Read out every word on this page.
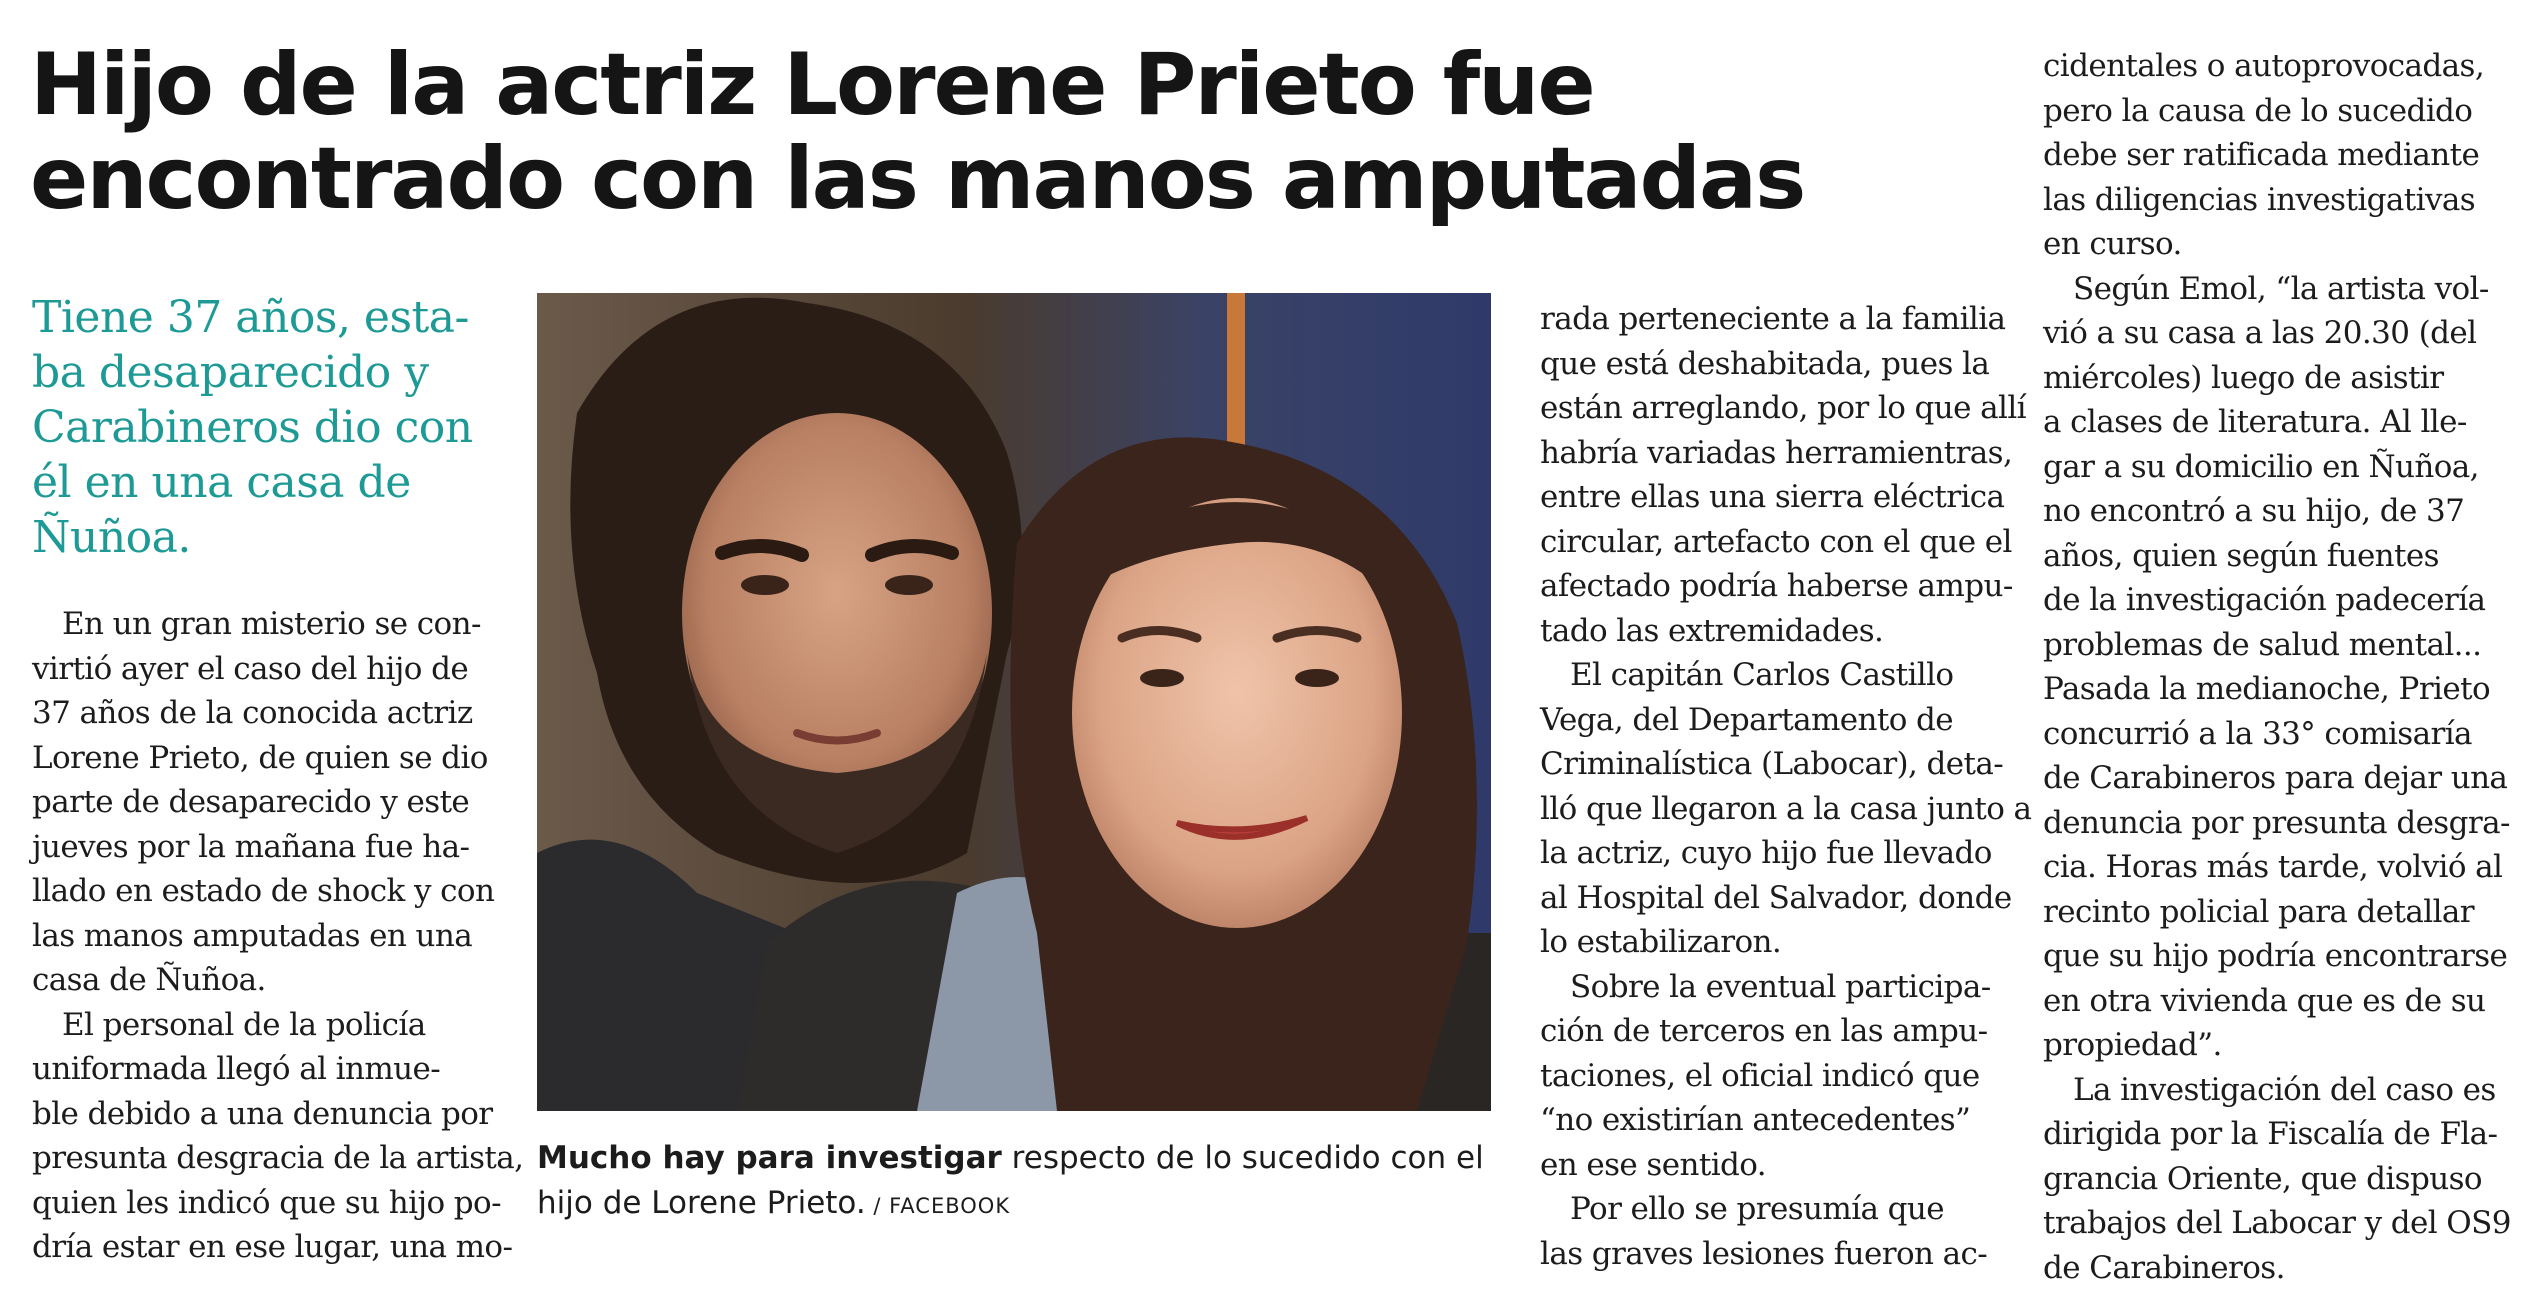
Hijo de la actriz Lorene Prieto fue
encontrado con las manos amputadas
Tiene 37 años, esta-
ba desaparecido y
Carabineros dio con
él en una casa de
Ñuñoa.
En un gran misterio se con-
virtió ayer el caso del hijo de
37 años de la conocida actriz
Lorene Prieto, de quien se dio
parte de desaparecido y este
jueves por la mañana fue ha-
llado en estado de shock y con
las manos amputadas en una
casa de Ñuñoa.
El personal de la policía
uniformada llegó al inmue-
ble debido a una denuncia por
presunta desgracia de la artista,
quien les indicó que su hijo po-
dría estar en ese lugar, una mo-
Mucho hay para investigar respecto de lo sucedido con el
hijo de Lorene Prieto. / FACEBOOK
rada perteneciente a la familia
que está deshabitada, pues la
están arreglando, por lo que allí
habría variadas herramientras,
entre ellas una sierra eléctrica
circular, artefacto con el que el
afectado podría haberse ampu-
tado las extremidades.
El capitán Carlos Castillo
Vega, del Departamento de
Criminalística (Labocar), deta-
lló que llegaron a la casa junto a
la actriz, cuyo hijo fue llevado
al Hospital del Salvador, donde
lo estabilizaron.
Sobre la eventual participa-
ción de terceros en las ampu-
taciones, el oficial indicó que
“no existirían antecedentes”
en ese sentido.
Por ello se presumía que
las graves lesiones fueron ac-
cidentales o autoprovocadas,
pero la causa de lo sucedido
debe ser ratificada mediante
las diligencias investigativas
en curso.
Según Emol, “la artista vol-
vió a su casa a las 20.30 (del
miércoles) luego de asistir
a clases de literatura. Al lle-
gar a su domicilio en Ñuñoa,
no encontró a su hijo, de 37
años, quien según fuentes
de la investigación padecería
problemas de salud mental...
Pasada la medianoche, Prieto
concurrió a la 33° comisaría
de Carabineros para dejar una
denuncia por presunta desgra-
cia. Horas más tarde, volvió al
recinto policial para detallar
que su hijo podría encontrarse
en otra vivienda que es de su
propiedad”.
La investigación del caso es
dirigida por la Fiscalía de Fla-
grancia Oriente, que dispuso
trabajos del Labocar y del OS9
de Carabineros.
